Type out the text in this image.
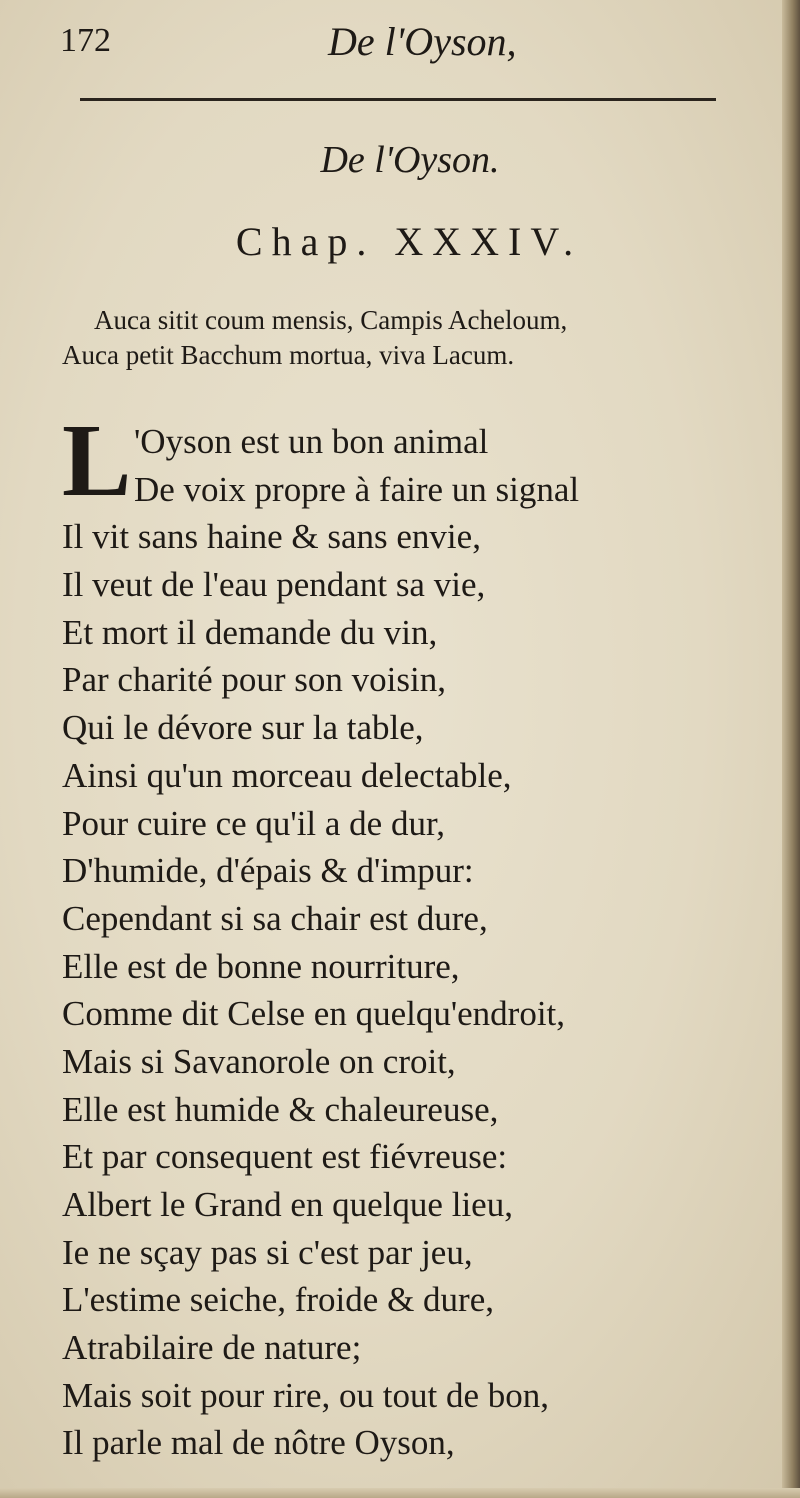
172	De l'Oyson,
De l'Oyson.
Chap. XXXIV.
Auca sitit coum mensis, Campis Acheloum,
Auca petit Bacchum mortua, viva Lacum.
L 'Oyson est un bon animal
De voix propre à faire un signal
Il vit sans haine & sans envie,
Il veut de l'eau pendant sa vie,
Et mort il demande du vin,
Par charité pour son voisin,
Qui le dévore sur la table,
Ainsi qu'un morceau delectable,
Pour cuire ce qu'il a de dur,
D'humide, d'épais & d'impur:
Cependant si sa chair est dure,
Elle est de bonne nourriture,
Comme dit Celse en quelqu'endroit,
Mais si Savanorole on croit,
Elle est humide & chaleureuse,
Et par consequent est fiévreuse:
Albert le Grand en quelque lieu,
Ie ne sçay pas si c'est par jeu,
L'estime seiche, froide & dure,
Atrabilaire de nature;
Mais soit pour rire, ou tout de bon,
Il parle mal de nôtre Oyson,
